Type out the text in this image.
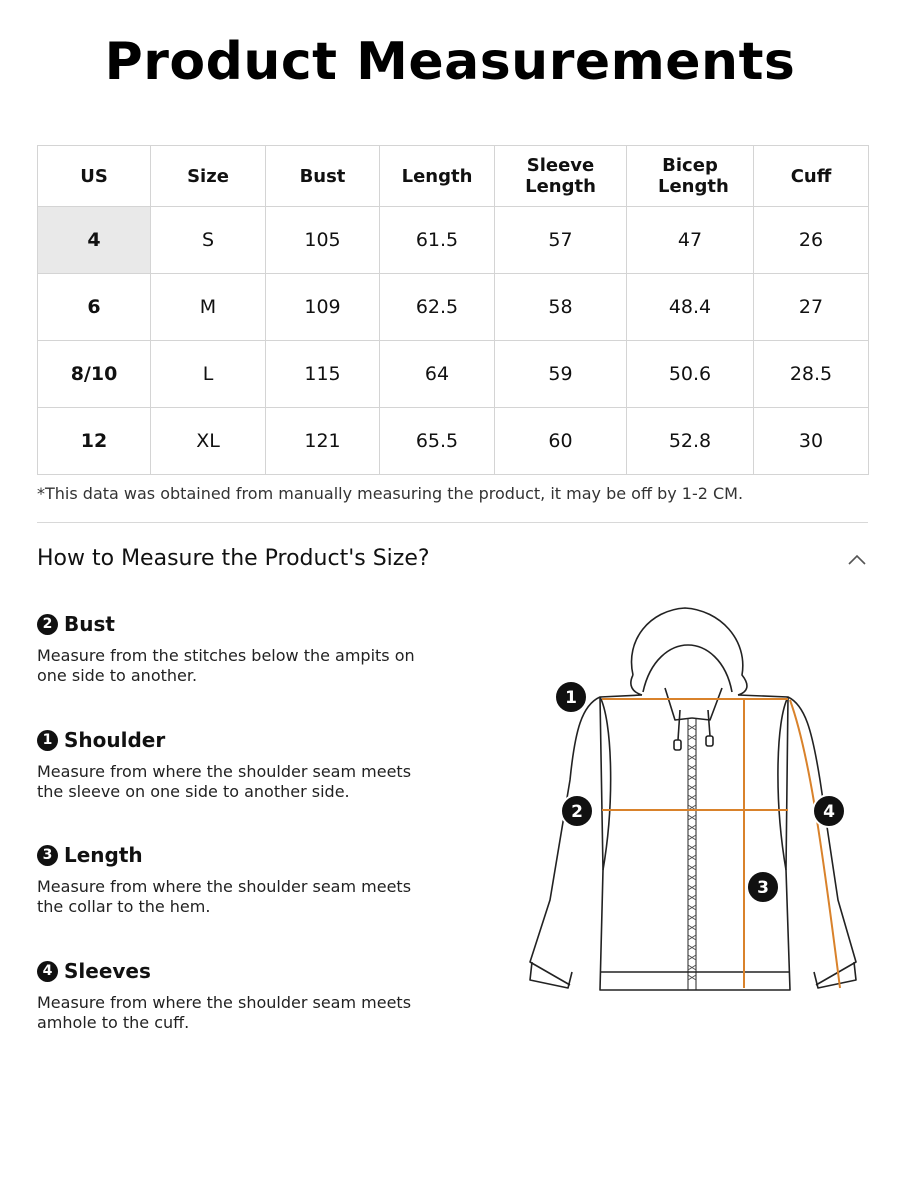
Product Measurements
US	Size	Bust	Length	Sleeve Length	Bicep Length	Cuff
4	S	105	61.5	57	47	26
6	M	109	62.5	58	48.4	27
8/10	L	115	64	59	50.6	28.5
12	XL	121	65.5	60	52.8	30
*This data was obtained from manually measuring the product, it may be off by 1-2 CM.
How to Measure the Product's Size?
2 Bust
Measure from the stitches below the ampits on one side to another.
1 Shoulder
Measure from where the shoulder seam meets the sleeve on one side to another side.
3 Length
Measure from where the shoulder seam meets the collar to the hem.
4 Sleeves
Measure from where the shoulder seam meets amhole to the cuff.
1
2
3
4
